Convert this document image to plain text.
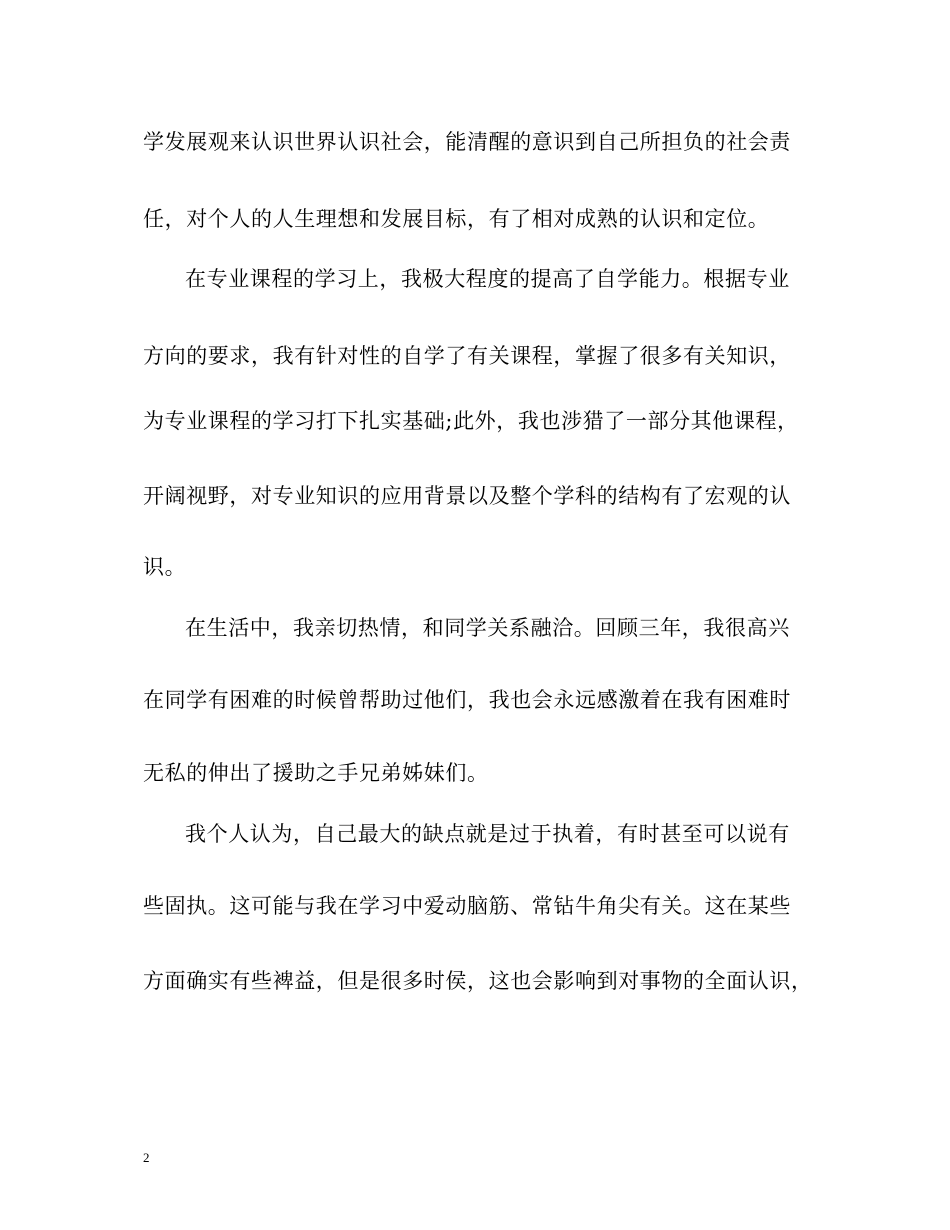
学发展观来认识世界认识社会，能清醒的意识到自己所担负的社会责
任，对个人的人生理想和发展目标，有了相对成熟的认识和定位。
在专业课程的学习上，我极大程度的提高了自学能力。根据专业
方向的要求，我有针对性的自学了有关课程，掌握了很多有关知识，
为专业课程的学习打下扎实基础;此外，我也涉猎了一部分其他课程，
开阔视野，对专业知识的应用背景以及整个学科的结构有了宏观的认
识。
在生活中，我亲切热情，和同学关系融洽。回顾三年，我很高兴
在同学有困难的时候曾帮助过他们，我也会永远感激着在我有困难时
无私的伸出了援助之手兄弟姊妹们。
我个人认为，自己最大的缺点就是过于执着，有时甚至可以说有
些固执。这可能与我在学习中爱动脑筋、常钻牛角尖有关。这在某些
方面确实有些裨益，但是很多时侯，这也会影响到对事物的全面认识，
2
